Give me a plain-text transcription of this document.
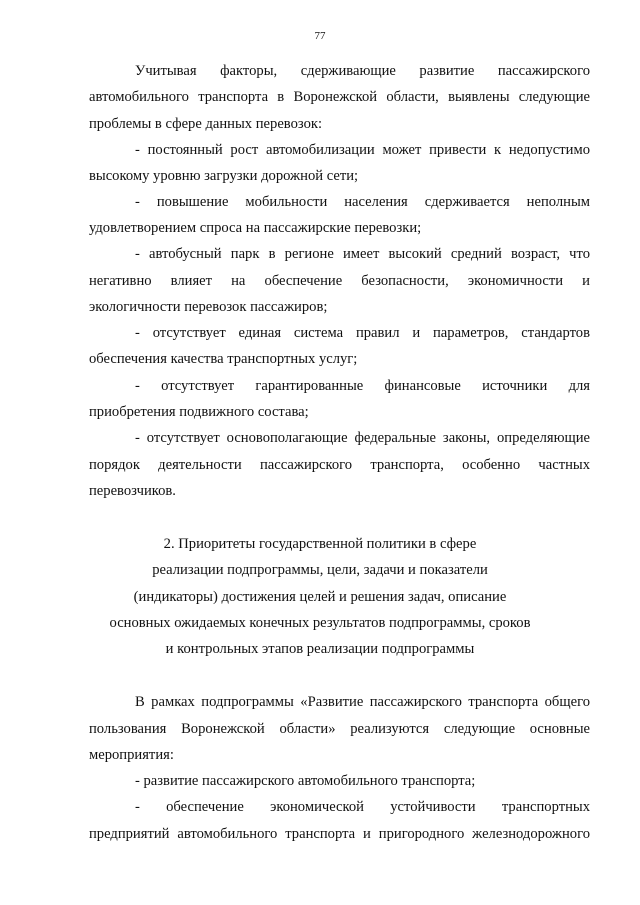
77
Учитывая факторы, сдерживающие развитие пассажирского
автомобильного транспорта в Воронежской области, выявлены следующие
проблемы в сфере данных перевозок:
- постоянный рост автомобилизации может привести к недопустимо
высокому уровню загрузки дорожной сети;
- повышение мобильности населения сдерживается неполным
удовлетворением спроса на пассажирские перевозки;
- автобусный парк в регионе имеет высокий средний возраст, что
негативно влияет на обеспечение безопасности, экономичности и
экологичности перевозок пассажиров;
- отсутствует единая система правил и параметров, стандартов
обеспечения качества транспортных услуг;
- отсутствует гарантированные финансовые источники для
приобретения подвижного состава;
- отсутствует основополагающие федеральные законы, определяющие
порядок деятельности пассажирского транспорта, особенно частных
перевозчиков.
2. Приоритеты государственной политики в сфере
реализации подпрограммы, цели, задачи и показатели
(индикаторы) достижения целей и решения задач, описание
основных ожидаемых конечных результатов подпрограммы, сроков
и контрольных этапов реализации подпрограммы
В рамках подпрограммы «Развитие пассажирского транспорта общего
пользования Воронежской области» реализуются следующие основные
мероприятия:
- развитие пассажирского автомобильного транспорта;
- обеспечение экономической устойчивости транспортных
предприятий автомобильного транспорта и пригородного железнодорожного
